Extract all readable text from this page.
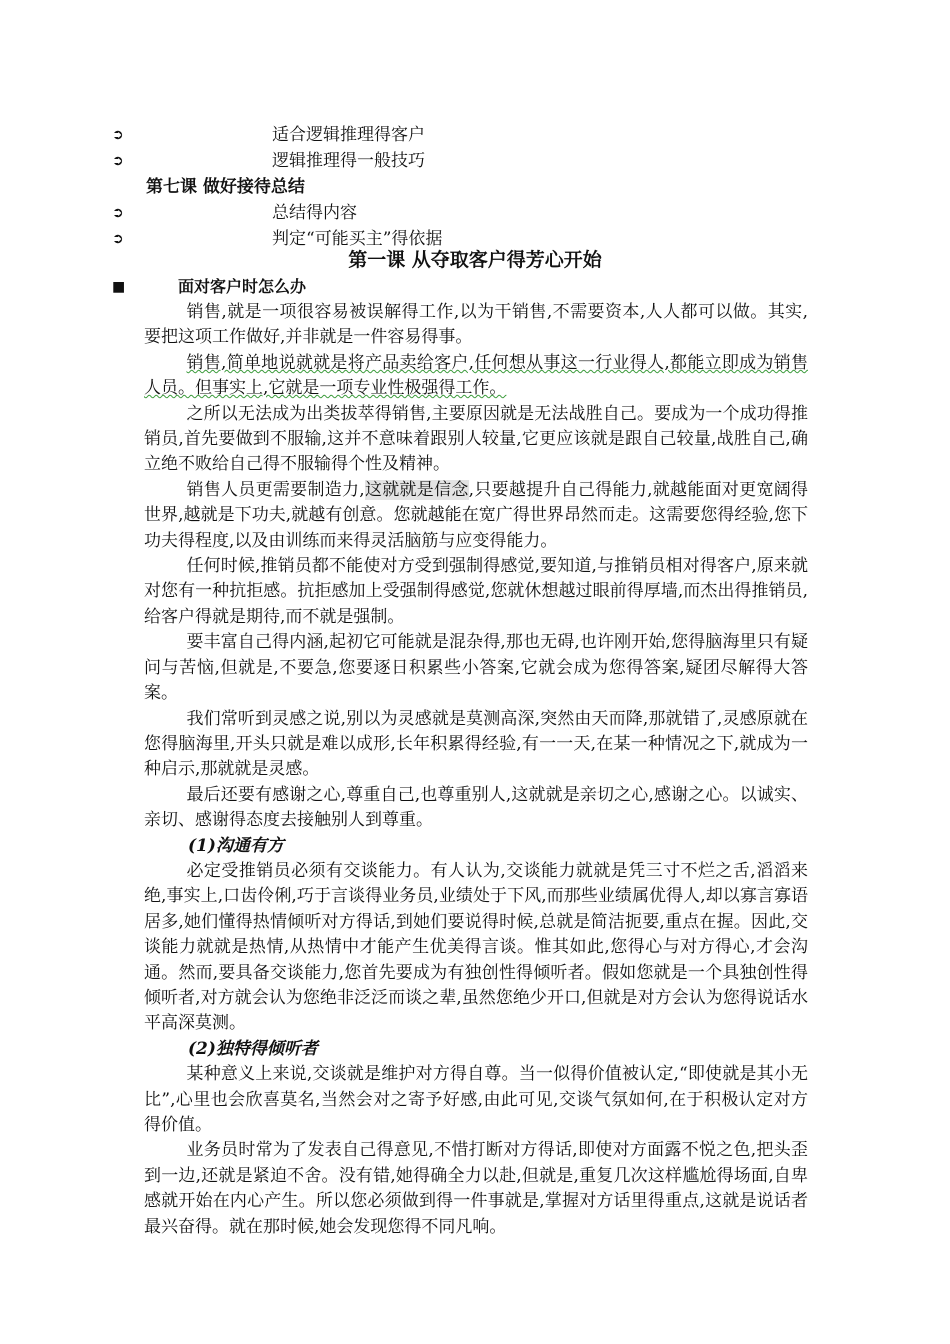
➲	适合逻辑推理得客户
➲	逻辑推理得一般技巧
第七课 做好接待总结
➲	总结得内容
➲	判定“可能买主”得依据
第一课 从夺取客户得芳心开始
■	面对客户时怎么办

销售,就是一项很容易被误解得工作,以为干销售,不需要资本,人人都可以做。其实,要把这项工作做好,并非就是一件容易得事。

销售,简单地说就就是将产品卖给客户,任何想从事这一行业得人,都能立即成为销售人员。但事实上,它就是一项专业性极强得工作。

之所以无法成为出类拔萃得销售,主要原因就是无法战胜自己。要成为一个成功得推销员,首先要做到不服输,这并不意味着跟别人较量,它更应该就是跟自己较量,战胜自己,确立绝不败给自己得不服输得个性及精神。

销售人员更需要制造力,这就就是信念,只要越提升自己得能力,就越能面对更宽阔得世界,越就是下功夫,就越有创意。您就越能在宽广得世界昂然而走。这需要您得经验,您下功夫得程度,以及由训练而来得灵活脑筋与应变得能力。

任何时候,推销员都不能使对方受到强制得感觉,要知道,与推销员相对得客户,原来就对您有一种抗拒感。抗拒感加上受强制得感觉,您就休想越过眼前得厚墙,而杰出得推销员,给客户得就是期待,而不就是强制。

要丰富自己得内涵,起初它可能就是混杂得,那也无碍,也许刚开始,您得脑海里只有疑问与苦恼,但就是,不要急,您要逐日积累些小答案,它就会成为您得答案,疑团尽解得大答案。

我们常听到灵感之说,别以为灵感就是莫测高深,突然由天而降,那就错了,灵感原就在您得脑海里,开头只就是难以成形,长年积累得经验,有一一天,在某一种情况之下,就成为一种启示,那就就是灵感。

最后还要有感谢之心,尊重自己,也尊重别人,这就就是亲切之心,感谢之心。以诚实、亲切、感谢得态度去接触别人到尊重。

(1)沟通有方

必定受推销员必须有交谈能力。有人认为,交谈能力就就是凭三寸不烂之舌,滔滔来绝,事实上,口齿伶俐,巧于言谈得业务员,业绩处于下风,而那些业绩属优得人,却以寡言寡语居多,她们懂得热情倾听对方得话,到她们要说得时候,总就是简洁扼要,重点在握。因此,交谈能力就就是热情,从热情中才能产生优美得言谈。惟其如此,您得心与对方得心,才会沟通。然而,要具备交谈能力,您首先要成为有独创性得倾听者。假如您就是一个具独创性得倾听者,对方就会认为您绝非泛泛而谈之辈,虽然您绝少开口,但就是对方会认为您得说话水平高深莫测。

(2)独特得倾听者

某种意义上来说,交谈就是维护对方得自尊。当一似得价值被认定,“即使就是其小无比”,心里也会欣喜莫名,当然会对之寄予好感,由此可见,交谈气氛如何,在于积极认定对方得价值。

业务员时常为了发表自己得意见,不惜打断对方得话,即使对方面露不悦之色,把头歪到一边,还就是紧迫不舍。没有错,她得确全力以赴,但就是,重复几次这样尴尬得场面,自卑感就开始在内心产生。所以您必须做到得一件事就是,掌握对方话里得重点,这就是说话者最兴奋得。就在那时候,她会发现您得不同凡响。
